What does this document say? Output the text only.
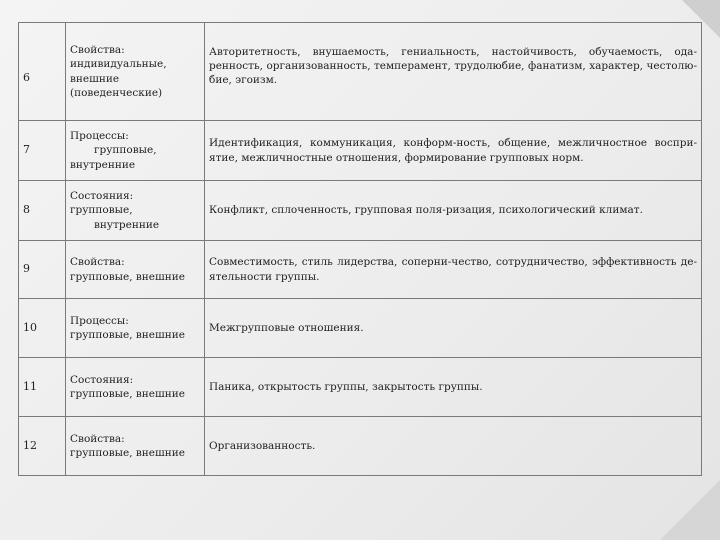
6	Свойства:
индивидуальные,
внешние
(поведенческие)	Авторитетность, внушаемость, гениальность, настойчивость, обучаемость, ода-ренность, организованность, темперамент, трудолюбие, фанатизм, характер, честолю-бие, эгоизм.
7	Процессы:
групповые,
внутренние	Идентификация, коммуникация, конформ-ность, общение, межличностное воспри-ятие, межличностные отношения, формирование групповых норм.
8	Состояния:
групповые,
внутренние	Конфликт, сплоченность, групповая поля-ризация, психологический климат.
9	Свойства:
групповые, внешние	Совместимость, стиль лидерства, соперни-чество, сотрудничество, эффективность де-ятельности группы.
10	Процессы:
групповые, внешние	Межгрупповые отношения.
11	Состояния:
групповые, внешние	Паника, открытость группы, закрытость группы.
12	Свойства:
групповые, внешние	Организованность.
